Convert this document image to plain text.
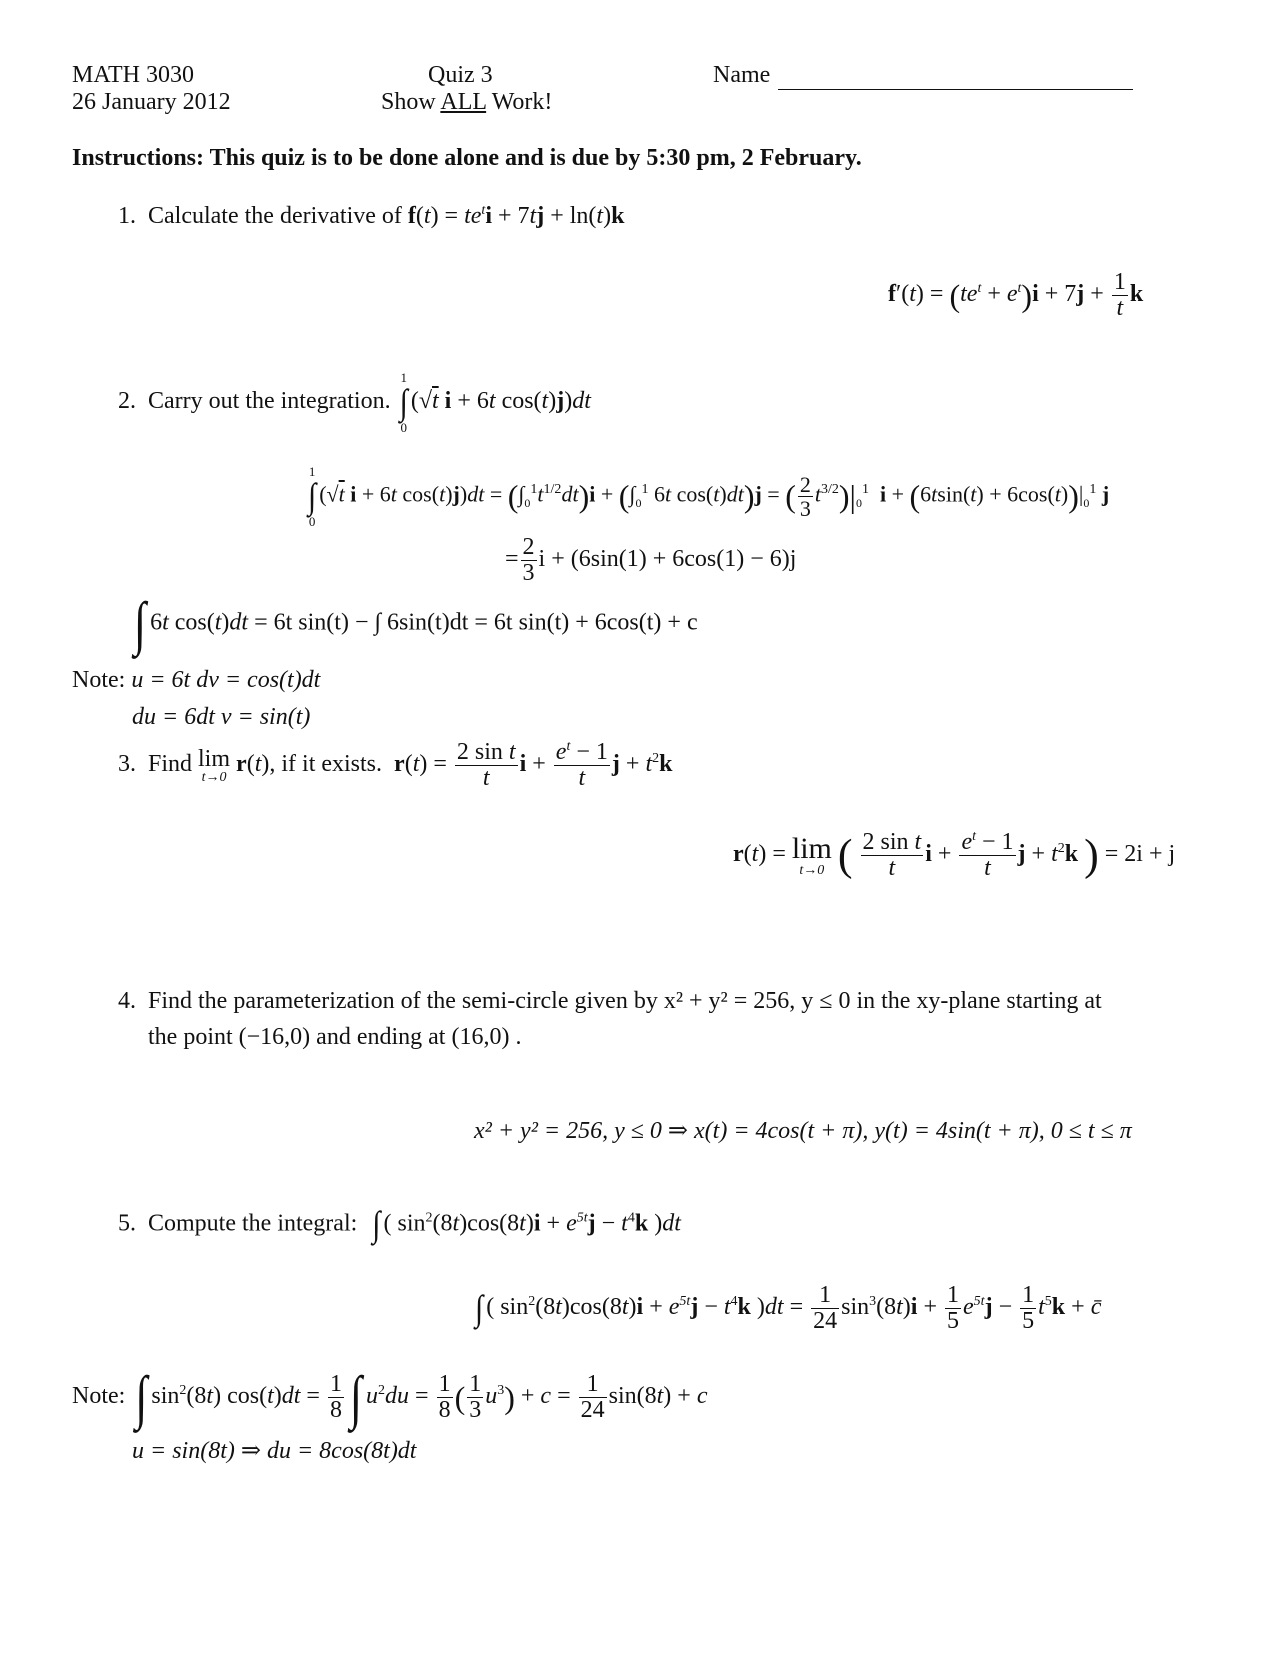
MATH 3030
26 January 2012
Quiz 3
Show ALL Work!
Name
Instructions: This quiz is to be done alone and is due by 5:30 pm, 2 February.
1. Calculate the derivative of $f(t) = te^ti + 7tj + \ln(t)k$
$f'(t) = (te^t + e^t)i + 7j + \frac{1}{t}$ k
2. Carry out the integration. 1
∫
0(√t i + 6t cos(t)j)dt
1
∫
0(√t i + 6t $\cos(t)j)dt = (\int_0^1t^{1/2}dt)i + (\int_0^1$ 6t cos(t)dt)j = ( $\frac{2}{3} t^{3/2})|_0^1$ $i + (6tsin(t) + 6\cos(t))|_0^1$ j
= $\frac{2}{3}$ i + (6sin(1) + 6cos(1) − 6)j
∫ 6t cos(t)dt = 6t sin(t) − ∫ 6sin(t)dt = 6t sin(t) + 6cos(t) + c
Note: u = 6t dv = cos(t)dt
du = 6dt v = sin(t)
3. Find lim
t→0 r(t), if it exists. $r(t) = \frac{\text{2 sin t}}{t}$ $i + \frac{e^t - 1}{t}$ $j + t^2k$
r(t) = lim
t→0 ( $\frac{\text{2 sin t}}{t}$ $i + \frac{e^t - 1}{t}$ $j + t^2k$ ) = 2i + j
4. Find the parameterization of the semi-circle given by x² + y² = 256, y ≤ 0 in the xy-plane starting at
the point (−16,0) and ending at (16,0) .
x² + y² = 256, y ≤ 0 ⇒ x(t) = 4cos(t + π), y(t) = 4sin(t + π), 0 ≤ t ≤ π
5. Compute the integral: ∫ ( $\sin^2(8t)\cos(8t)i + e^{5t}j - t^4k$ )dt
∫ ( $\sin^2(8t)\cos(8t)i + e^{5t}j - t^4k$ )$dt = \frac{1}{24} \sin^3(8t)i + \frac{1}{5} e^{5t}j - \frac{1}{5} t^5k$ + c̄
Note: ∫ $\sin^2(8t) \cos(t)dt = \frac{1}{8}$ ∫ $u^2du = \frac{1}{8}$ ( $\frac{1}{3} u^3) + c = \frac{1}{24} \sin(8t) + c$
u = sin(8t) ⇒ du = 8cos(8t)dt
